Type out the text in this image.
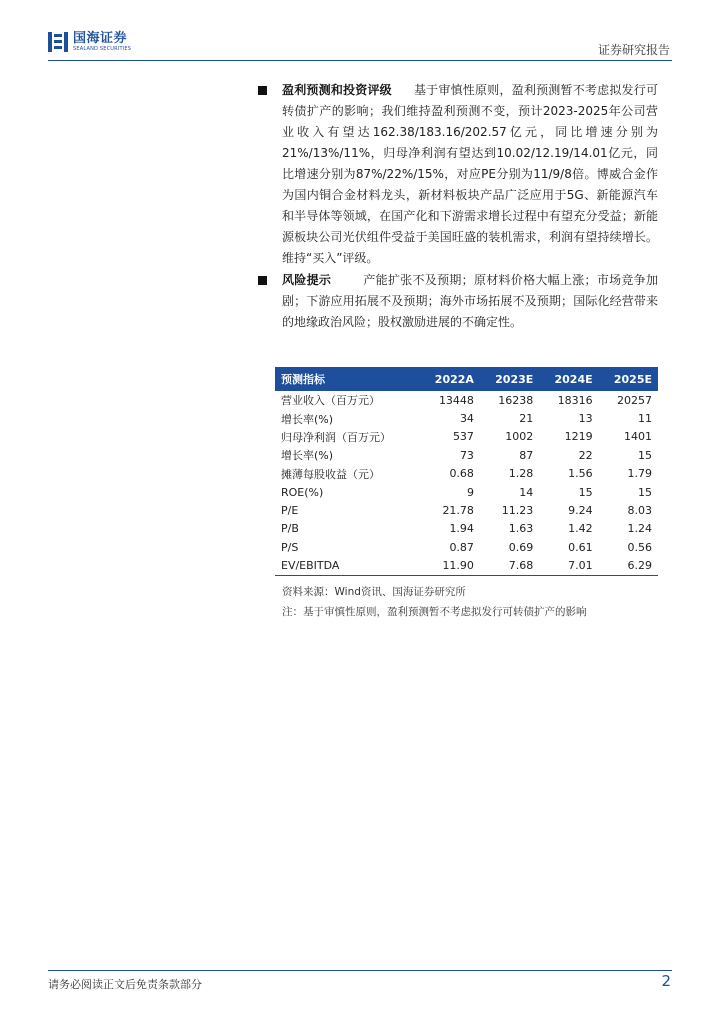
国海证券
SEALAND SECURITIES	证券研究报告
盈利预测和投资评级 基于审慎性原则，盈利预测暂不考虑拟发行可转债扩产的影响；我们维持盈利预测不变，预计2023-2025年公司营业收入有望达162.38/183.16/202.57亿元，同比增速分别为21%/13%/11%，归母净利润有望达到10.02/12.19/14.01亿元，同比增速分别为87%/22%/15%，对应PE分别为11/9/8倍。博威合金作为国内铜合金材料龙头，新材料板块产品广泛应用于5G、新能源汽车和半导体等领域，在国产化和下游需求增长过程中有望充分受益；新能源板块公司光伏组件受益于美国旺盛的装机需求，利润有望持续增长。维持“买入”评级。
风险提示	产能扩张不及预期；原材料价格大幅上涨；市场竞争加剧；下游应用拓展不及预期；海外市场拓展不及预期；国际化经营带来的地缘政治风险；股权激励进展的不确定性。
预测指标	2022A	2023E	2024E	2025E
营业收入（百万元）	13448	16238	18316	20257
增长率(%)	34	21	13	11
归母净利润（百万元）	537	1002	1219	1401
增长率(%)	73	87	22	15
摊薄每股收益（元）	0.68	1.28	1.56	1.79
ROE(%)	9	14	15	15
P/E	21.78	11.23	9.24	8.03
P/B	1.94	1.63	1.42	1.24
P/S	0.87	0.69	0.61	0.56
EV/EBITDA	11.90	7.68	7.01	6.29
资料来源：Wind资讯、国海证券研究所
注：基于审慎性原则，盈利预测暂不考虑拟发行可转债扩产的影响
请务必阅读正文后免责条款部分	2
